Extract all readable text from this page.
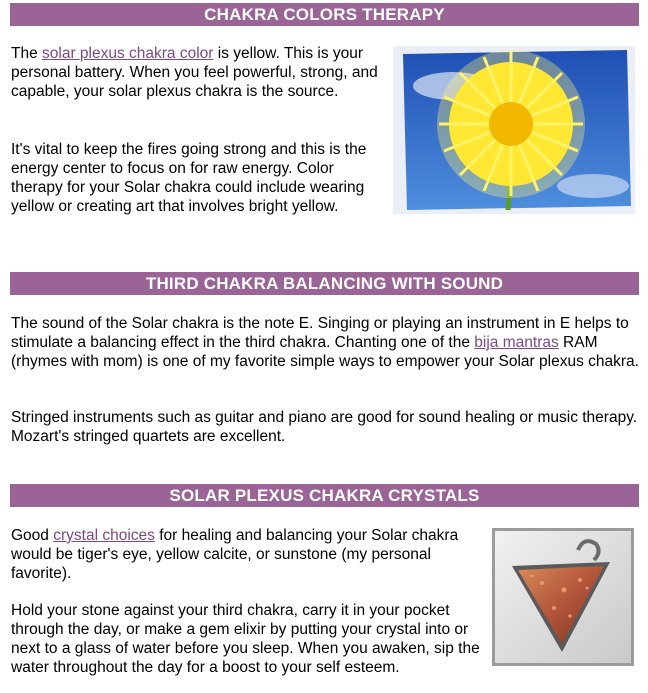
CHAKRA COLORS THERAPY

The solar plexus chakra color is yellow. This is your personal battery. When you feel powerful, strong, and capable, your solar plexus chakra is the source.

It's vital to keep the fires going strong and this is the energy center to focus on for raw energy. Color therapy for your Solar chakra could include wearing yellow or creating art that involves bright yellow.

THIRD CHAKRA BALANCING WITH SOUND

The sound of the Solar chakra is the note E. Singing or playing an instrument in E helps to stimulate a balancing effect in the third chakra. Chanting one of the bija mantras RAM (rhymes with mom) is one of my favorite simple ways to empower your Solar plexus chakra.

Stringed instruments such as guitar and piano are good for sound healing or music therapy. Mozart's stringed quartets are excellent.

SOLAR PLEXUS CHAKRA CRYSTALS

Good crystal choices for healing and balancing your Solar chakra would be tiger's eye, yellow calcite, or sunstone (my personal favorite).

Hold your stone against your third chakra, carry it in your pocket through the day, or make a gem elixir by putting your crystal into or next to a glass of water before you sleep. When you awaken, sip the water throughout the day for a boost to your self esteem.
